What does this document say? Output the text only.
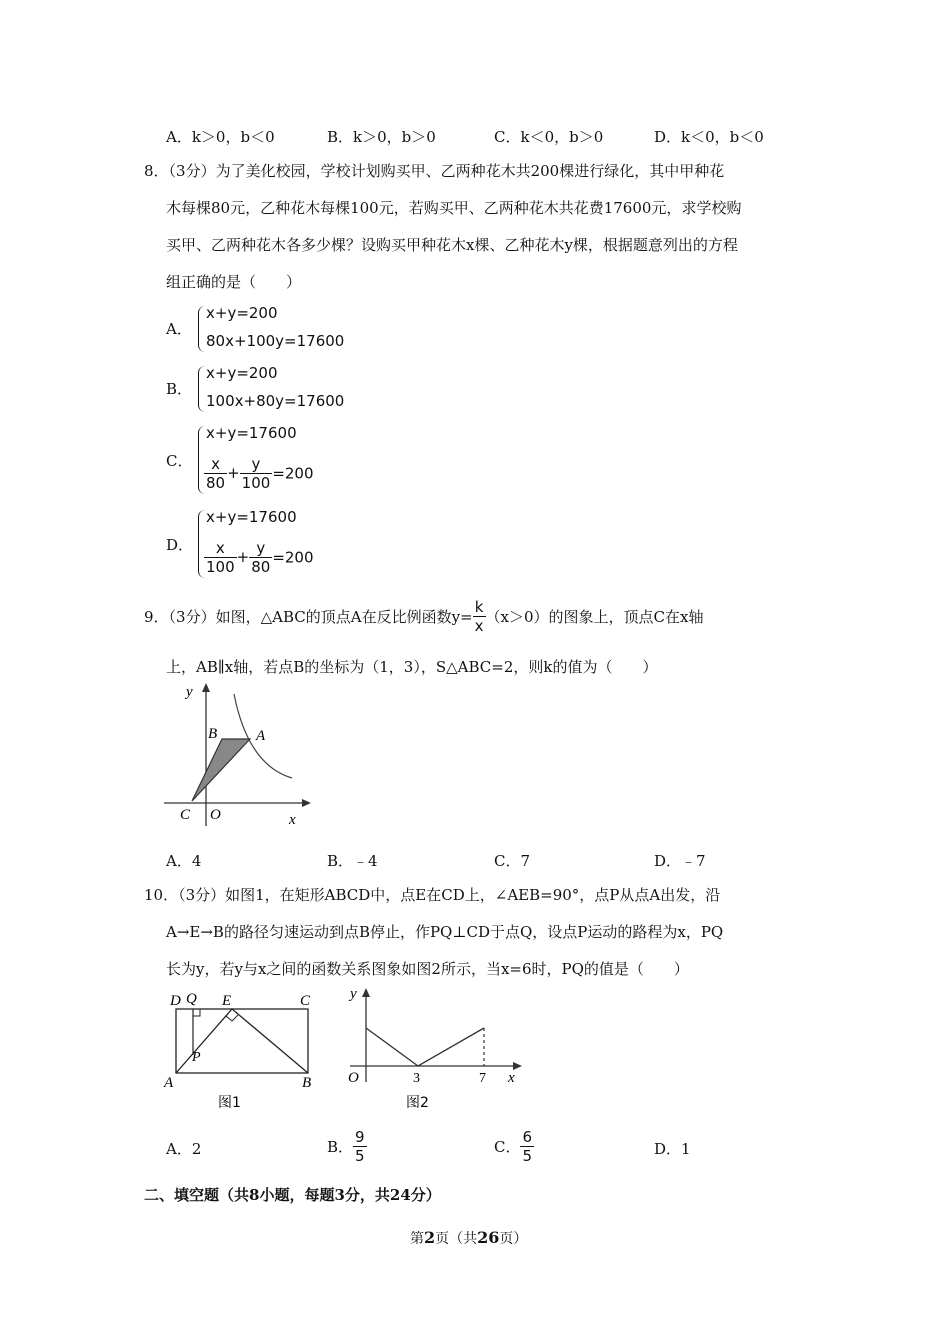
A．k＞0，b＜0	B．k＞0，b＞0	C．k＜0，b＞0	D．k＜0，b＜0
8．（3分）为了美化校园，学校计划购买甲、乙两种花木共200棵进行绿化，其中甲种花
木每棵80元，乙种花木每棵100元，若购买甲、乙两种花木共花费17600元，求学校购
买甲、乙两种花木各多少棵？设购买甲种花木x棵、乙种花木y棵，根据题意列出的方程
组正确的是（　　）
A．
x+y=200
80x+100y=17600
B．
x+y=200
100x+80y=17600
C．
x+y=17600
$\frac{x}{80} + \frac{y}{100} =200$
D．
x+y=17600
$\frac{x}{100} + \frac{y}{80} =200$
9．（3分）如图，△ABC的顶点A在反比例函数$y= \frac{k}{x} (x>0)$的图象上，顶点C在x轴
上，AB∥x轴，若点B的坐标为（1，3），S△ABC=2，则k的值为（　　）
y
B	A
C O	x
A．4	B．﹣4	C．7	D．﹣7
10．（3分）如图1，在矩形ABCD中，点E在CD上，∠AEB=90°，点P从点A出发，沿
A→E→B的路径匀速运动到点B停止，作PQ⊥CD于点Q，设点P运动的路程为x，PQ
长为y，若y与x之间的函数关系图象如图2所示，当x=6时，PQ的值是（　　）
D Q E	C
P
A	B
图1
y
O	3	7 x
图2
A．2	B． $\frac{9}{5}$	C． $\frac{6}{5}$	D．1
二、填空题（共8小题，每题3分，共24分）
第2页（共26页）
